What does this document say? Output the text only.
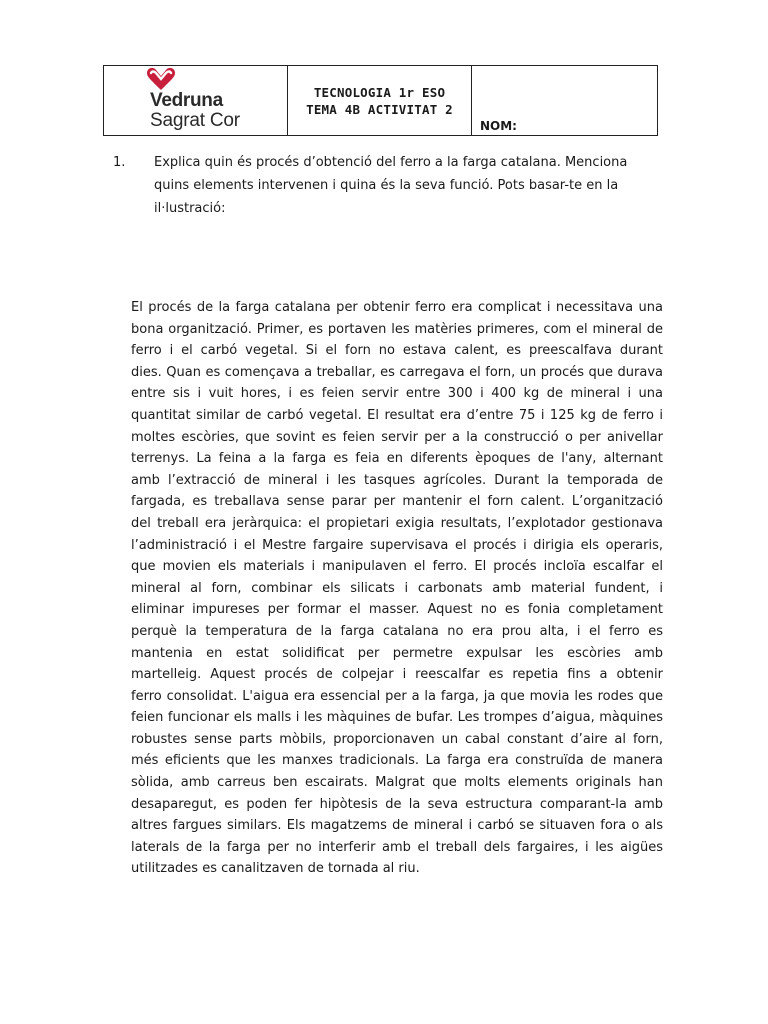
Vedruna
Sagrat Cor
TECNOLOGIA 1r ESO
TEMA 4B ACTIVITAT 2
NOM:
1.	Explica quin és procés d’obtenció del ferro a la farga catalana. Menciona quins elements intervenen i quina és la seva funció. Pots basar-te en la il·lustració:

El procés de la farga catalana per obtenir ferro era complicat i necessitava una
bona organització. Primer, es portaven les matèries primeres, com el mineral de
ferro i el carbó vegetal. Si el forn no estava calent, es preescalfava durant
dies. Quan es començava a treballar, es carregava el forn, un procés que durava
entre sis i vuit hores, i es feien servir entre 300 i 400 kg de mineral i una
quantitat similar de carbó vegetal. El resultat era d’entre 75 i 125 kg de ferro i
moltes escòries, que sovint es feien servir per a la construcció o per anivellar
terrenys. La feina a la farga es feia en diferents èpoques de l'any, alternant
amb l’extracció de mineral i les tasques agrícoles. Durant la temporada de
fargada, es treballava sense parar per mantenir el forn calent. L’organització
del treball era jeràrquica: el propietari exigia resultats, l’explotador gestionava
l’administració i el Mestre fargaire supervisava el procés i dirigia els operaris,
que movien els materials i manipulaven el ferro. El procés incloïa escalfar el
mineral al forn, combinar els silicats i carbonats amb material fundent, i
eliminar impureses per formar el masser. Aquest no es fonia completament
perquè la temperatura de la farga catalana no era prou alta, i el ferro es
mantenia en estat solidificat per permetre expulsar les escòries amb
martelleig. Aquest procés de colpejar i reescalfar es repetia fins a obtenir
ferro consolidat. L'aigua era essencial per a la farga, ja que movia les rodes que
feien funcionar els malls i les màquines de bufar. Les trompes d’aigua, màquines
robustes sense parts mòbils, proporcionaven un cabal constant d’aire al forn,
més eficients que les manxes tradicionals. La farga era construïda de manera
sòlida, amb carreus ben escairats. Malgrat que molts elements originals han
desaparegut, es poden fer hipòtesis de la seva estructura comparant-la amb
altres fargues similars. Els magatzems de mineral i carbó se situaven fora o als
laterals de la farga per no interferir amb el treball dels fargaires, i les aigües
utilitzades es canalitzaven de tornada al riu.
